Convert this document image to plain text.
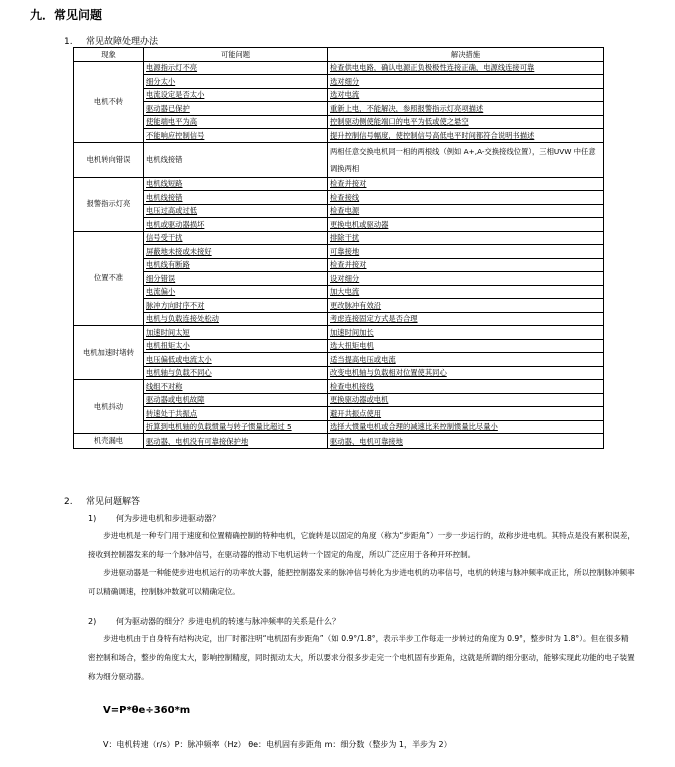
九．常见问题
1. 常见故障处理办法
现象	可能问题	解决措施
电机不转	电源指示灯不亮	检查供电电路，确认电源正负极极性连接正确，电源线连接可靠
	细分太小	选对细分
	电流设定是否太小	选对电流
	驱动器已保护	重新上电，不能解决，参照报警指示灯亮项描述
	使能端电平为高	控制驱动侧使能端口的电平为低或使之悬空
	不能响应控制信号	提升控制信号幅度，使控制信号高低电平时间都符合说明书描述
电机转向错误	电机线接错	两相任意交换电机同一相的两根线（例如 A+,A-交换接线位置），三相UVW 中任意调换两相
报警指示灯亮	电机线短路	检查并接对
	电机线接错	检查接线
	电压过高或过低	检查电源
	电机或驱动器损坏	更换电机或驱动器
位置不准	信号受干扰	排除干扰
	屏蔽地未接或未接好	可靠接地
	电机线有断路	检查并接对
	细分错误	设对细分
	电流偏小	加大电流
	脉冲方向时序不对	更改脉冲有效沿
	电机与负载连接处松动	考虑连接固定方式是否合理
电机加速时堵转	加速时间太短	加速时间加长
	电机扭矩太小	选大扭矩电机
	电压偏低或电流太小	适当提高电压或电流
	电机轴与负载不同心	改变电机轴与负载相对位置使其同心
电机抖动	线组不对称	检查电机接线
	驱动器或电机故障	更换驱动器或电机
	转速处于共振点	避开共振点使用
	折算到电机轴的负载惯量与转子惯量比超过 5	选择大惯量电机或合理的减速比来控制惯量比尽量小
机壳漏电	驱动器、电机没有可靠接保护地	驱动器、电机可靠接地
2. 常见问题解答
1) 何为步进电机和步进驱动器？

步进电机是一种专门用于速度和位置精确控制的特种电机，它旋转是以固定的角度（称为“步距角”）一步一步运行的，故称步进电机。其特点是没有累积误差，接收到控制器发来的每一个脉冲信号，在驱动器的推动下电机运转一个固定的角度，所以广泛应用于各种开环控制。

步进驱动器是一种能使步进电机运行的功率放大器，能把控制器发来的脉冲信号转化为步进电机的功率信号，电机的转速与脉冲频率成正比，所以控制脉冲频率可以精确调速，控制脉冲数就可以精确定位。

2) 何为驱动器的细分？步进电机的转速与脉冲频率的关系是什么？

步进电机由于自身特有结构决定，出厂时都注明“电机固有步距角”（如 0.9°/1.8°，表示半步工作每走一步转过的角度为 0.9°，整步时为 1.8°）。但在很多精密控制和场合，整步的角度太大，影响控制精度，同时振动太大，所以要求分很多步走完一个电机固有步距角，这就是所谓的细分驱动，能够实现此功能的电子装置称为细分驱动器。

V=P*θe÷360*m
V：电机转速（r/s）P：脉冲频率（Hz） θe：电机固有步距角 m：细分数（整步为 1，半步为 2）
